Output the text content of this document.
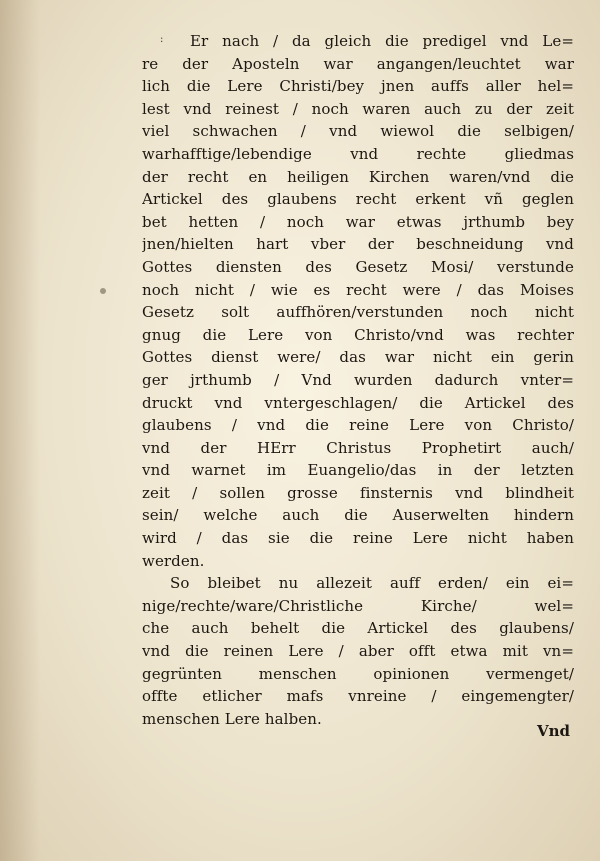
:	Er nach / da gleich die predigel vnd Le=
re der Aposteln war angangen/leuchtet war
lich die Lere Christi/bey jnen auffs aller hel=
lest vnd reinest / noch waren auch zu der zeit
viel schwachen / vnd wiewol die selbigen/
warhafftige/lebendige vnd rechte gliedmas
der recht en heiligen Kirchen waren/vnd die
Artickel des glaubens recht erkent vñ geglen
bet hetten / noch war etwas jrthumb bey
jnen/hielten hart vber der beschneidung vnd
Gottes diensten des Gesetz Mosi/ verstunde
noch nicht / wie es recht were / das Moises
Gesetz solt auffhören/verstunden noch nicht
gnug die Lere von Christo/vnd was rechter
Gottes dienst were/ das war nicht ein gerin
ger jrthumb / Vnd wurden dadurch vnter=
druckt vnd vntergeschlagen/ die Artickel des
glaubens / vnd die reine Lere von Christo/
vnd der HErr Christus Prophetirt auch/
vnd warnet im Euangelio/das in der letzten
zeit / sollen grosse finsternis vnd blindheit
sein/ welche auch die Auserwelten hindern
wird / das sie die reine Lere nicht haben
werden.
So bleibet nu allezeit auff erden/ ein ei=
nige/rechte/ware/Christliche Kirche/ wel=
che auch behelt die Artickel des glaubens/
vnd die reinen Lere / aber offt etwa mit vn=
gegrünten menschen opinionen vermenget/
offte etlicher mafs vnreine / eingemengter/
menschen Lere halben.
Vnd
